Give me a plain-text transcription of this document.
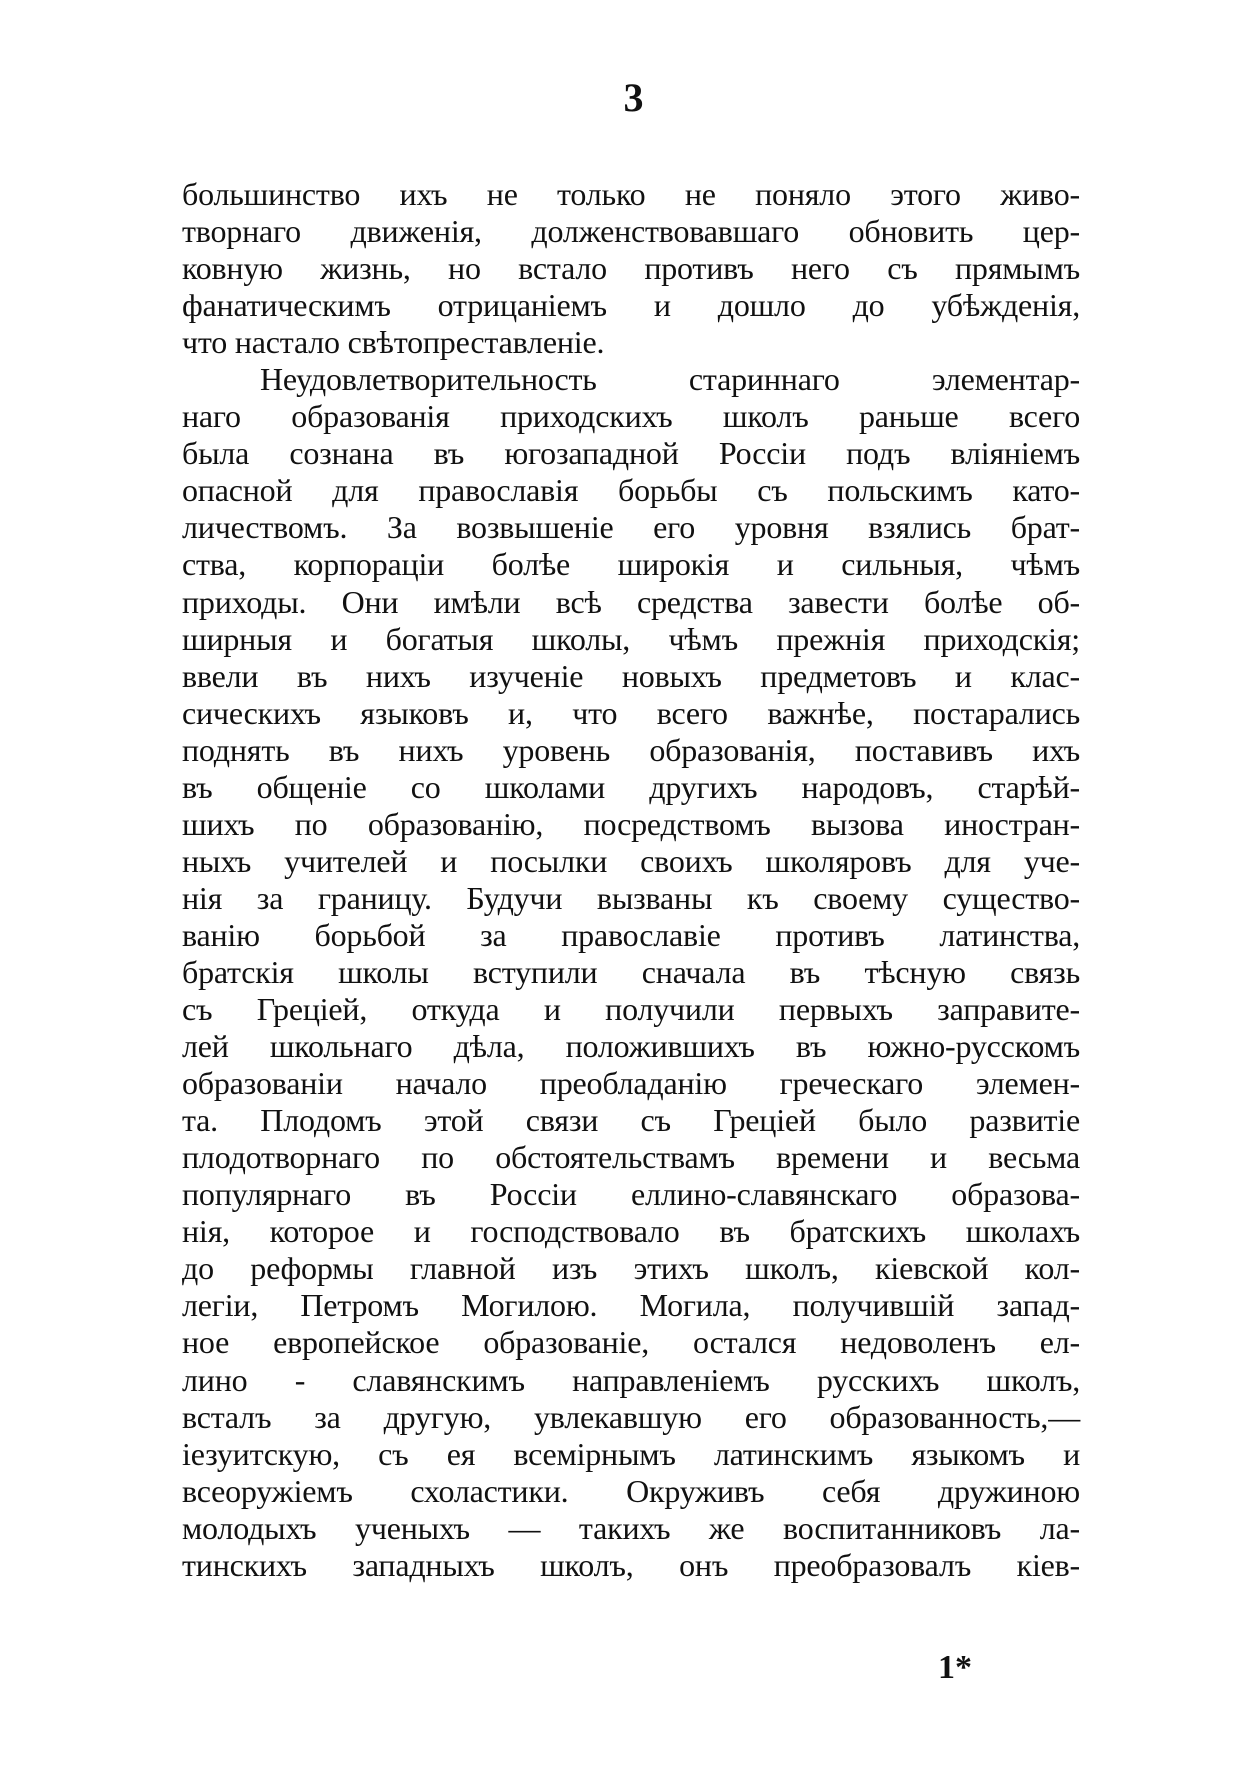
3
большинство ихъ не только не поняло этого живо-
творнаго движенія, долженствовавшаго обновить цер-
ковную жизнь, но встало противъ него съ прямымъ
фанатическимъ отрицаніемъ и дошло до убѣжденія,
что настало свѣтопреставленіе.
Неудовлетворительность стариннаго элементар-
наго образованія приходскихъ школъ раньше всего
была сознана въ югозападной Россіи подъ вліяніемъ
опасной для православія борьбы съ польскимъ като-
личествомъ. За возвышеніе его уровня взялись брат-
ства, корпораціи болѣе широкія и сильныя, чѣмъ
приходы. Они имѣли всѣ средства завести болѣе об-
ширныя и богатыя школы, чѣмъ прежнія приходскія;
ввели въ нихъ изученіе новыхъ предметовъ и клас-
сическихъ языковъ и, что всего важнѣе, постарались
поднять въ нихъ уровень образованія, поставивъ ихъ
въ общеніе со школами другихъ народовъ, старѣй-
шихъ по образованію, посредствомъ вызова иностран-
ныхъ учителей и посылки своихъ школяровъ для уче-
нія за границу. Будучи вызваны къ своему существо-
ванію борьбой за православіе противъ латинства,
братскія школы вступили сначала въ тѣсную связь
съ Греціей, откуда и получили первыхъ заправите-
лей школьнаго дѣла, положившихъ въ южно-русскомъ
образованіи начало преобладанію греческаго элемен-
та. Плодомъ этой связи съ Греціей было развитіе
плодотворнаго по обстоятельствамъ времени и весьма
популярнаго въ Россіи еллино-славянскаго образова-
нія, которое и господствовало въ братскихъ школахъ
до реформы главной изъ этихъ школъ, кіевской кол-
легіи, Петромъ Могилою. Могила, получившій запад-
ное европейское образованіе, остался недоволенъ ел-
лино - славянскимъ направленіемъ русскихъ школъ,
всталъ за другую, увлекавшую его образованность,—
іезуитскую, съ ея всемірнымъ латинскимъ языкомъ и
всеоружіемъ схоластики. Окруживъ себя дружиною
молодыхъ ученыхъ — такихъ же воспитанниковъ ла-
тинскихъ западныхъ школъ, онъ преобразовалъ кіев-
1*
